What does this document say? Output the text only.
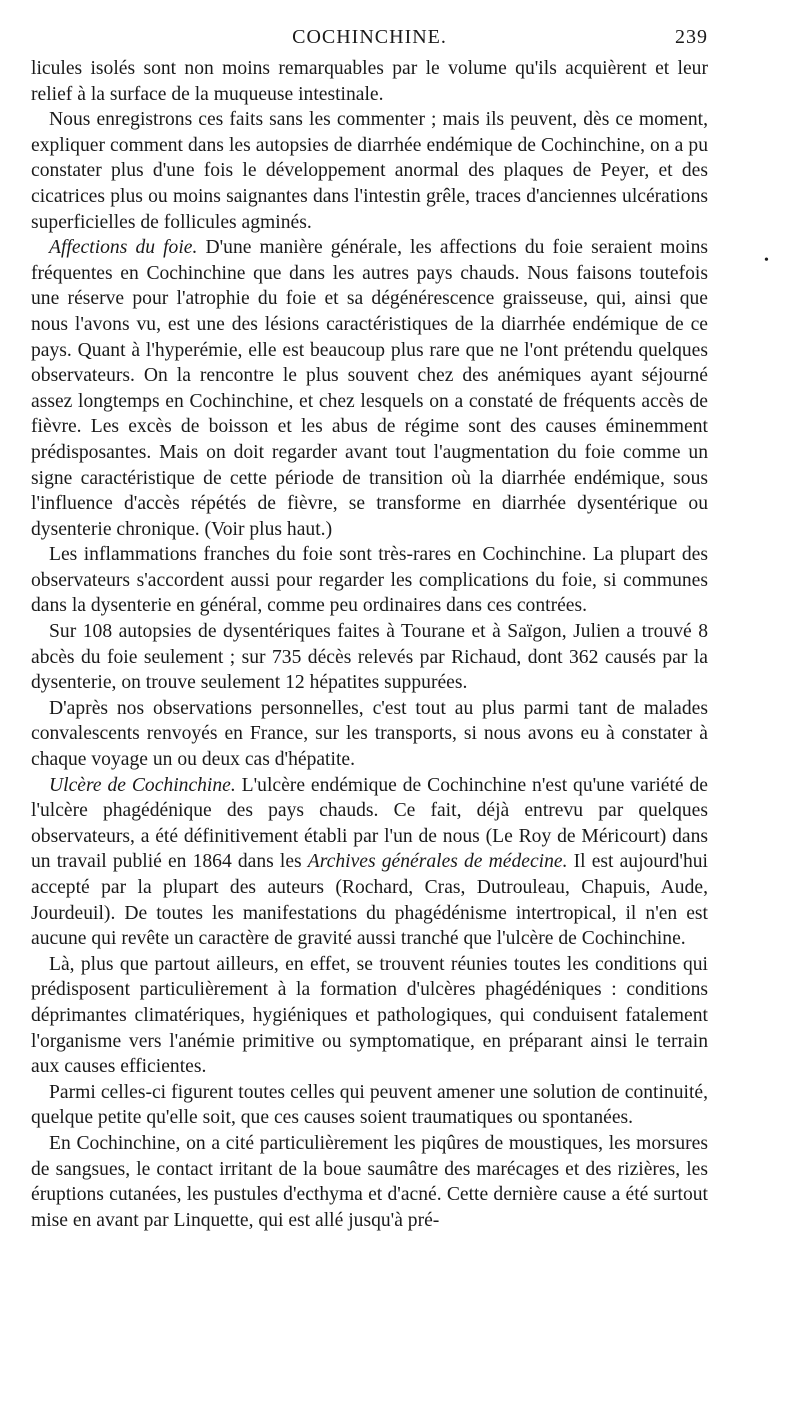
COCHINCHINE.	239

licules isolés sont non moins remarquables par le volume qu'ils acquièrent et leur relief à la surface de la muqueuse intestinale.

Nous enregistrons ces faits sans les commenter ; mais ils peuvent, dès ce moment, expliquer comment dans les autopsies de diarrhée endémique de Cochinchine, on a pu constater plus d'une fois le développement anormal des plaques de Peyer, et des cicatrices plus ou moins saignantes dans l'intestin grêle, traces d'anciennes ulcérations superficielles de follicules agminés.

Affections du foie. D'une manière générale, les affections du foie seraient moins fréquentes en Cochinchine que dans les autres pays chauds. Nous faisons toutefois une réserve pour l'atrophie du foie et sa dégénérescence graisseuse, qui, ainsi que nous l'avons vu, est une des lésions caractéristiques de la diarrhée endémique de ce pays. Quant à l'hyperémie, elle est beaucoup plus rare que ne l'ont prétendu quelques observateurs. On la rencontre le plus souvent chez des anémiques ayant séjourné assez longtemps en Cochinchine, et chez lesquels on a constaté de fréquents accès de fièvre. Les excès de boisson et les abus de régime sont des causes éminemment prédisposantes. Mais on doit regarder avant tout l'augmentation du foie comme un signe caractéristique de cette période de transition où la diarrhée endémique, sous l'influence d'accès répétés de fièvre, se transforme en diarrhée dysentérique ou dysenterie chronique. (Voir plus haut.)

Les inflammations franches du foie sont très-rares en Cochinchine. La plupart des observateurs s'accordent aussi pour regarder les complications du foie, si communes dans la dysenterie en général, comme peu ordinaires dans ces contrées.

Sur 108 autopsies de dysentériques faites à Tourane et à Saïgon, Julien a trouvé 8 abcès du foie seulement ; sur 735 décès relevés par Richaud, dont 362 causés par la dysenterie, on trouve seulement 12 hépatites suppurées.

D'après nos observations personnelles, c'est tout au plus parmi tant de malades convalescents renvoyés en France, sur les transports, si nous avons eu à constater à chaque voyage un ou deux cas d'hépatite.

Ulcère de Cochinchine. L'ulcère endémique de Cochinchine n'est qu'une variété de l'ulcère phagédénique des pays chauds. Ce fait, déjà entrevu par quelques observateurs, a été définitivement établi par l'un de nous (Le Roy de Méricourt) dans un travail publié en 1864 dans les Archives générales de médecine. Il est aujourd'hui accepté par la plupart des auteurs (Rochard, Cras, Dutrouleau, Chapuis, Aude, Jourdeuil). De toutes les manifestations du phagédénisme intertropical, il n'en est aucune qui revête un caractère de gravité aussi tranché que l'ulcère de Cochinchine.

Là, plus que partout ailleurs, en effet, se trouvent réunies toutes les conditions qui prédisposent particulièrement à la formation d'ulcères phagédéniques : conditions déprimantes climatériques, hygiéniques et pathologiques, qui conduisent fatalement l'organisme vers l'anémie primitive ou symptomatique, en préparant ainsi le terrain aux causes efficientes.

Parmi celles-ci figurent toutes celles qui peuvent amener une solution de continuité, quelque petite qu'elle soit, que ces causes soient traumatiques ou spontanées.

En Cochinchine, on a cité particulièrement les piqûres de moustiques, les morsures de sangsues, le contact irritant de la boue saumâtre des marécages et des rizières, les éruptions cutanées, les pustules d'ecthyma et d'acné. Cette dernière cause a été surtout mise en avant par Linquette, qui est allé jusqu'à pré-

•
